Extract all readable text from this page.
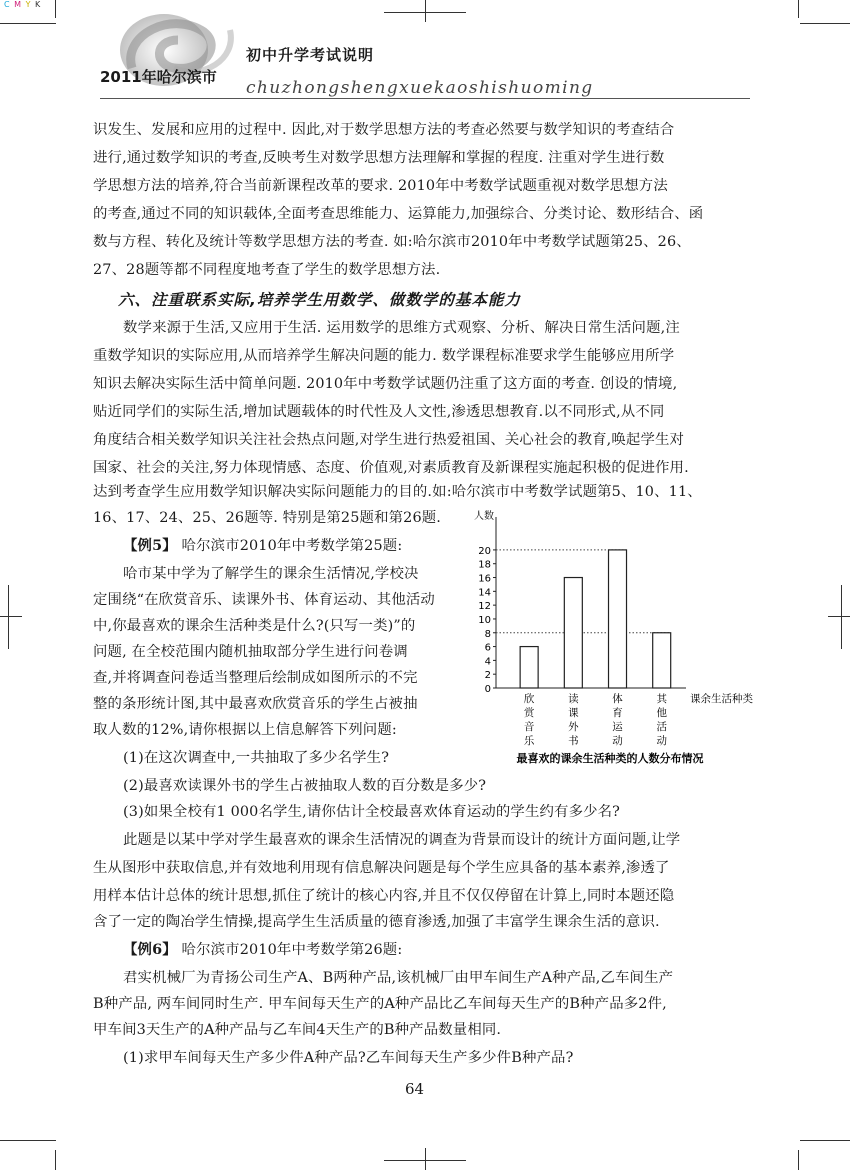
C M Y K
2011年哈尔滨市
初中升学考试说明
chuzhongshengxuekaoshishuoming
识发生、发展和应用的过程中. 因此,对于数学思想方法的考查必然要与数学知识的考查结合
进行,通过数学知识的考查,反映考生对数学思想方法理解和掌握的程度. 注重对学生进行数
学思想方法的培养,符合当前新课程改革的要求. 2010年中考数学试题重视对数学思想方法
的考查,通过不同的知识载体,全面考查思维能力、运算能力,加强综合、分类讨论、数形结合、函
数与方程、转化及统计等数学思想方法的考查. 如:哈尔滨市2010年中考数学试题第25、26、
27、28题等都不同程度地考查了学生的数学思想方法.
六、注重联系实际,培养学生用数学、做数学的基本能力
数学来源于生活,又应用于生活. 运用数学的思维方式观察、分析、解决日常生活问题,注
重数学知识的实际应用,从而培养学生解决问题的能力. 数学课程标准要求学生能够应用所学
知识去解决实际生活中简单问题. 2010年中考数学试题仍注重了这方面的考查. 创设的情境,
贴近同学们的实际生活,增加试题载体的时代性及人文性,渗透思想教育.以不同形式,从不同
角度结合相关数学知识关注社会热点问题,对学生进行热爱祖国、关心社会的教育,唤起学生对
国家、社会的关注,努力体现情感、态度、价值观,对素质教育及新课程实施起积极的促进作用.
达到考查学生应用数学知识解决实际问题能力的目的.如:哈尔滨市中考数学试题第5、10、11、
16、17、24、25、26题等. 特别是第25题和第26题.
【例5】 哈尔滨市2010年中考数学第25题:
哈市某中学为了解学生的课余生活情况,学校决
定围绕“在欣赏音乐、读课外书、体育运动、其他活动
中,你最喜欢的课余生活种类是什么?(只写一类)”的
问题, 在全校范围内随机抽取部分学生进行问卷调
查,并将调查问卷适当整理后绘制成如图所示的不完
整的条形统计图,其中最喜欢欣赏音乐的学生占被抽
取人数的12%,请你根据以上信息解答下列问题:
(1)在这次调查中,一共抽取了多少名学生?
(2)最喜欢读课外书的学生占被抽取人数的百分数是多少?
(3)如果全校有1 000名学生,请你估计全校最喜欢体育运动的学生约有多少名?
此题是以某中学对学生最喜欢的课余生活情况的调查为背景而设计的统计方面问题,让学
生从图形中获取信息,并有效地利用现有信息解决问题是每个学生应具备的基本素养,渗透了
用样本估计总体的统计思想,抓住了统计的核心内容,并且不仅仅停留在计算上,同时本题还隐
含了一定的陶冶学生情操,提高学生生活质量的德育渗透,加强了丰富学生课余生活的意识.
【例6】 哈尔滨市2010年中考数学第26题:
君实机械厂为青扬公司生产A、B两种产品,该机械厂由甲车间生产A种产品,乙车间生产
B种产品, 两车间同时生产. 甲车间每天生产的A种产品比乙车间每天生产的B种产品多2件,
甲车间3天生产的A种产品与乙车间4天生产的B种产品数量相同.
(1)求甲车间每天生产多少件A种产品?乙车间每天生产多少件B种产品?
64
人数
0
2
4
6
8
10
12
14
16
18
20
欣
赏
音
乐
读
课
外
书
体
育
运
动
其
他
活
动
课余生活种类
最喜欢的课余生活种类的人数分布情况
